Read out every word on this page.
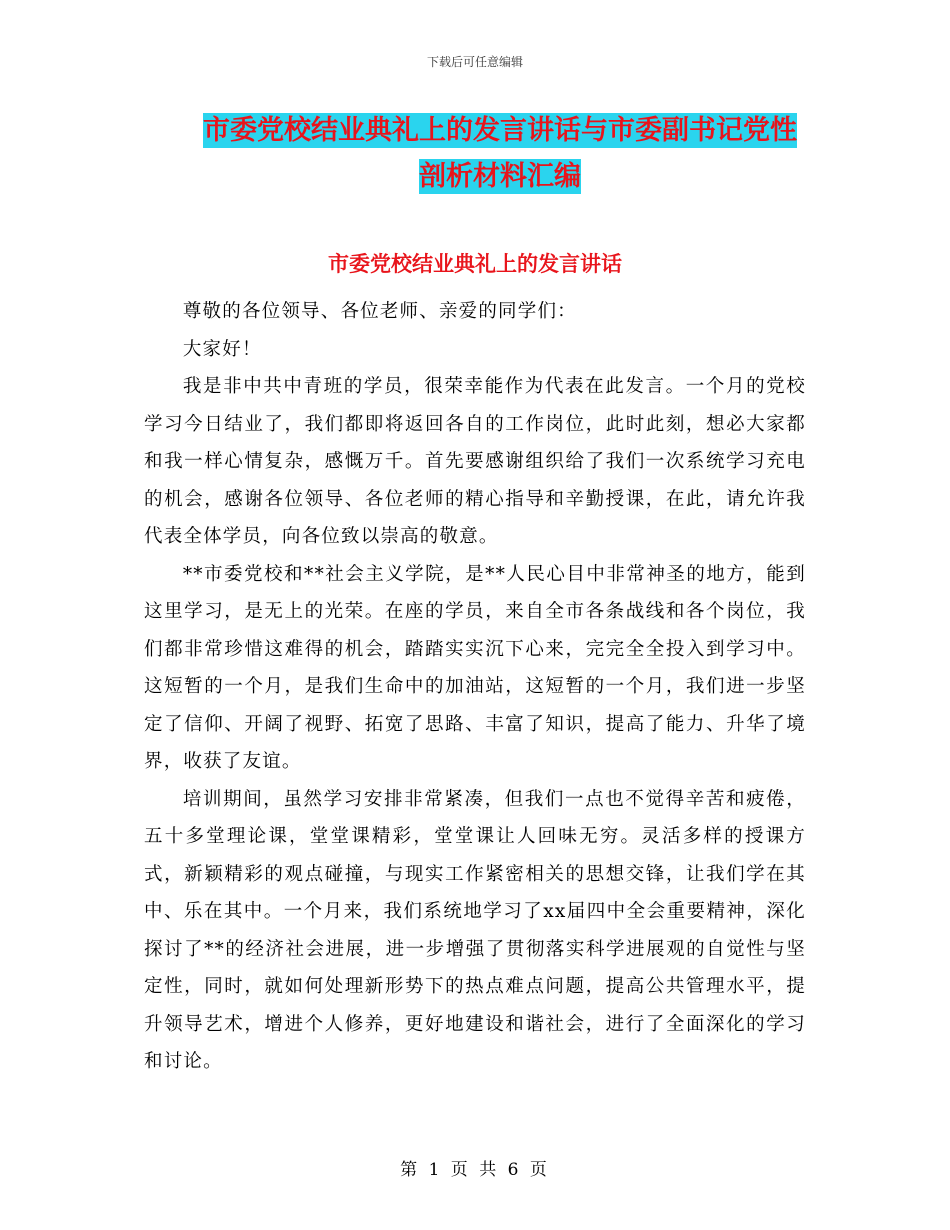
下载后可任意编辑
市委党校结业典礼上的发言讲话与市委副书记党性剖析材料汇编
市委党校结业典礼上的发言讲话

尊敬的各位领导、各位老师、亲爱的同学们：

大家好！

我是非中共中青班的学员，很荣幸能作为代表在此发言。一个月的党校学习今日结业了，我们都即将返回各自的工作岗位，此时此刻，想必大家都和我一样心情复杂，感慨万千。首先要感谢组织给了我们一次系统学习充电的机会，感谢各位领导、各位老师的精心指导和辛勤授课，在此，请允许我代表全体学员，向各位致以崇高的敬意。

**市委党校和**社会主义学院，是**人民心目中非常神圣的地方，能到这里学习，是无上的光荣。在座的学员，来自全市各条战线和各个岗位，我们都非常珍惜这难得的机会，踏踏实实沉下心来，完完全全投入到学习中。这短暂的一个月，是我们生命中的加油站，这短暂的一个月，我们进一步坚定了信仰、开阔了视野、拓宽了思路、丰富了知识，提高了能力、升华了境界，收获了友谊。

培训期间，虽然学习安排非常紧凑，但我们一点也不觉得辛苦和疲倦，五十多堂理论课，堂堂课精彩，堂堂课让人回味无穷。灵活多样的授课方式，新颖精彩的观点碰撞，与现实工作紧密相关的思想交锋，让我们学在其中、乐在其中。一个月来，我们系统地学习了xx届四中全会重要精神，深化探讨了**的经济社会进展，进一步增强了贯彻落实科学进展观的自觉性与坚定性，同时，就如何处理新形势下的热点难点问题，提高公共管理水平，提升领导艺术，增进个人修养，更好地建设和谐社会，进行了全面深化的学习和讨论。

第 1 页 共 6 页
